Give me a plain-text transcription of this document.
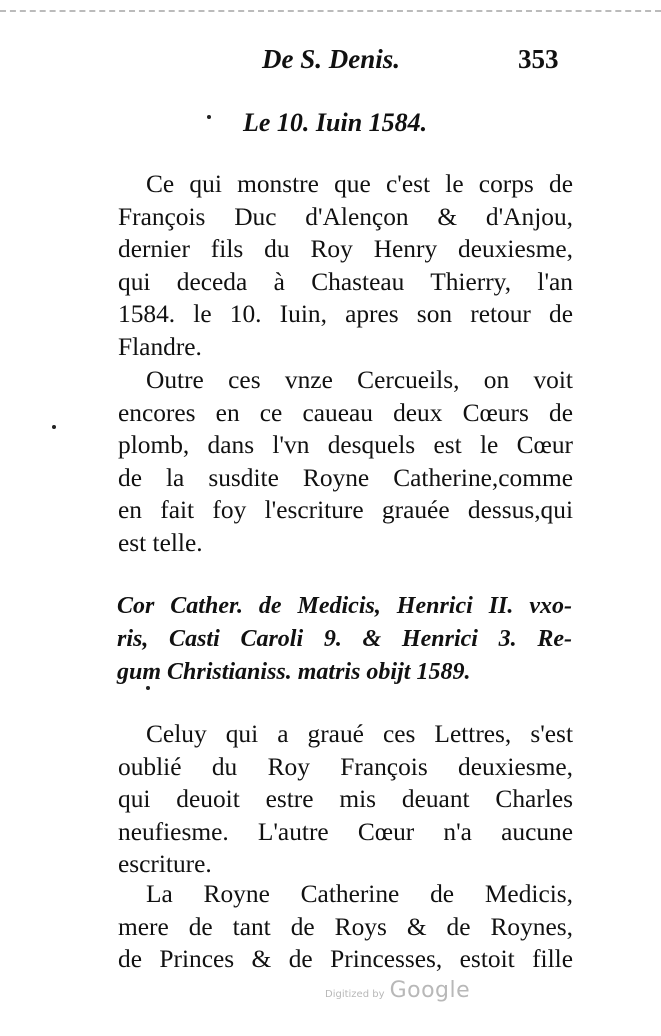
De S. Denis.	353
Le 10. Iuin 1584.
Ce qui monstre que c'est le corps de
François Duc d'Alençon & d'Anjou,
dernier fils du Roy Henry deuxiesme,
qui deceda à Chasteau Thierry, l'an
1584. le 10. Iuin, apres son retour de
Flandre.
Outre ces vnze Cercueils, on voit
encores en ce caueau deux Cœurs de
plomb, dans l'vn desquels est le Cœur
de la susdite Royne Catherine,comme
en fait foy l'escriture grauée dessus,qui
est telle.
Cor Cather. de Medicis, Henrici II. vxo-
ris, Casti Caroli 9. & Henrici 3. Re-
gum Christianiss. matris obijt 1589.
Celuy qui a graué ces Lettres, s'est
oublié du Roy François deuxiesme,
qui deuoit estre mis deuant Charles
neufiesme. L'autre Cœur n'a aucune
escriture.
La Royne Catherine de Medicis,
mere de tant de Roys & de Roynes,
de Princes & de Princesses, estoit fille
Digitized by Google
